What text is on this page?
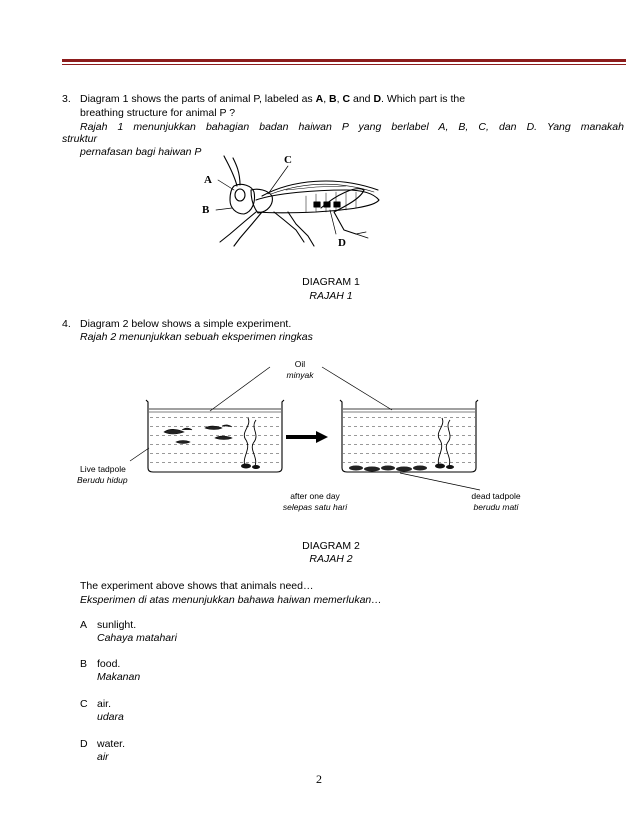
3. Diagram 1 shows the parts of animal P, labeled as A, B, C and D. Which part is the
breathing structure for animal P ?
Rajah 1 menunjukkan bahagian badan haiwan P yang berlabel A, B, C, dan D. Yang manakah
struktur
pernafasan bagi haiwan P
A
B
C
D
DIAGRAM 1
RAJAH 1
4. Diagram 2 below shows a simple experiment.
Rajah 2 menunjukkan sebuah eksperimen ringkas
Oil
minyak
Live tadpole
Berudu hidup
after one day
selepas satu hari
dead tadpole
berudu mati
DIAGRAM 2
RAJAH 2
The experiment above shows that animals need…
Eksperimen di atas menunjukkan bahawa haiwan memerlukan…
A sunlight.
Cahaya matahari
B food.
Makanan
C air.
udara
D water.
air
2
